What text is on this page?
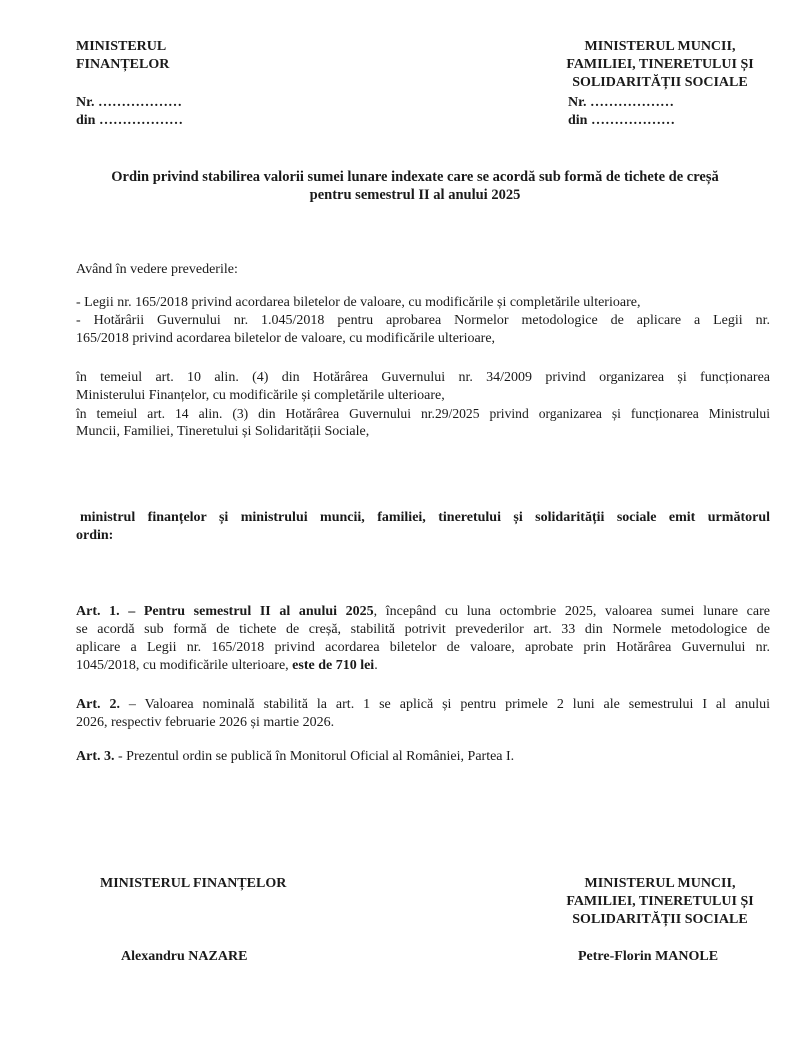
MINISTERUL
FINANȚELOR
Nr. ………………
din ………………
MINISTERUL MUNCII,
FAMILIEI, TINERETULUI ȘI
SOLIDARITĂȚII SOCIALE
Nr. ………………
din ………………
Ordin privind stabilirea valorii sumei lunare indexate care se acordă sub formă de tichete de creșă
pentru semestrul II al anului 2025
Având în vedere prevederile:
- Legii nr. 165/2018 privind acordarea biletelor de valoare, cu modificările și completările ulterioare,
- Hotărârii Guvernului nr. 1.045/2018 pentru aprobarea Normelor metodologice de aplicare a Legii nr.
165/2018 privind acordarea biletelor de valoare, cu modificările ulterioare,
în temeiul art. 10 alin. (4) din Hotărârea Guvernului nr. 34/2009 privind organizarea și funcționarea
Ministerului Finanțelor, cu modificările și completările ulterioare,
în temeiul art. 14 alin. (3) din Hotărârea Guvernului nr.29/2025 privind organizarea și funcționarea Ministrului
Muncii, Familiei, Tineretului și Solidarității Sociale,
ministrul finanțelor și ministrului muncii, familiei, tineretului și solidarității sociale emit următorul
ordin:
Art. 1. – Pentru semestrul II al anului 2025, începând cu luna octombrie 2025, valoarea sumei lunare care
se acordă sub formă de tichete de creșă, stabilită potrivit prevederilor art. 33 din Normele metodologice de
aplicare a Legii nr. 165/2018 privind acordarea biletelor de valoare, aprobate prin Hotărârea Guvernului nr.
1045/2018, cu modificările ulterioare, este de 710 lei.
Art. 2. – Valoarea nominală stabilită la art. 1 se aplică și pentru primele 2 luni ale semestrului I al anului
2026, respectiv februarie 2026 și martie 2026.
Art. 3. - Prezentul ordin se publică în Monitorul Oficial al României, Partea I.
MINISTERUL FINANȚELOR
Alexandru NAZARE
MINISTERUL MUNCII,
FAMILIEI, TINERETULUI ȘI
SOLIDARITĂȚII SOCIALE
Petre-Florin MANOLE
